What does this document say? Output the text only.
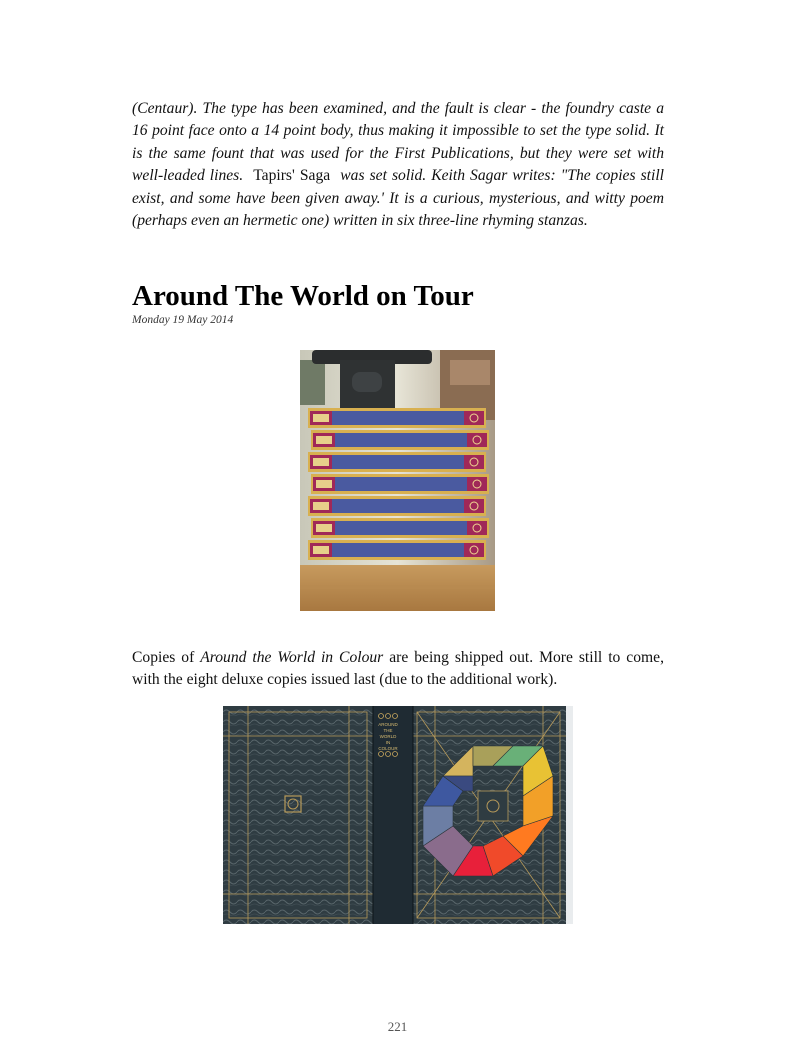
(Centaur). The type has been examined, and the fault is clear - the foundry caste a 16 point face onto a 14 point body, thus making it impossible to set the type solid. It is the same fount that was used for the First Publications, but they were set with well-leaded lines. Tapirs' Saga was set solid. Keith Sagar writes: "The copies still exist, and some have been given away.' It is a curious, mysterious, and witty poem (perhaps even an hermetic one) written in six three-line rhyming stanzas.

Around The World on Tour
Monday 19 May 2014

Copies of Around the World in Colour are being shipped out. More still to come, with the eight deluxe copies issued last (due to the additional work).

AROUND
THE
WORLD
IN
COLOUR
221
